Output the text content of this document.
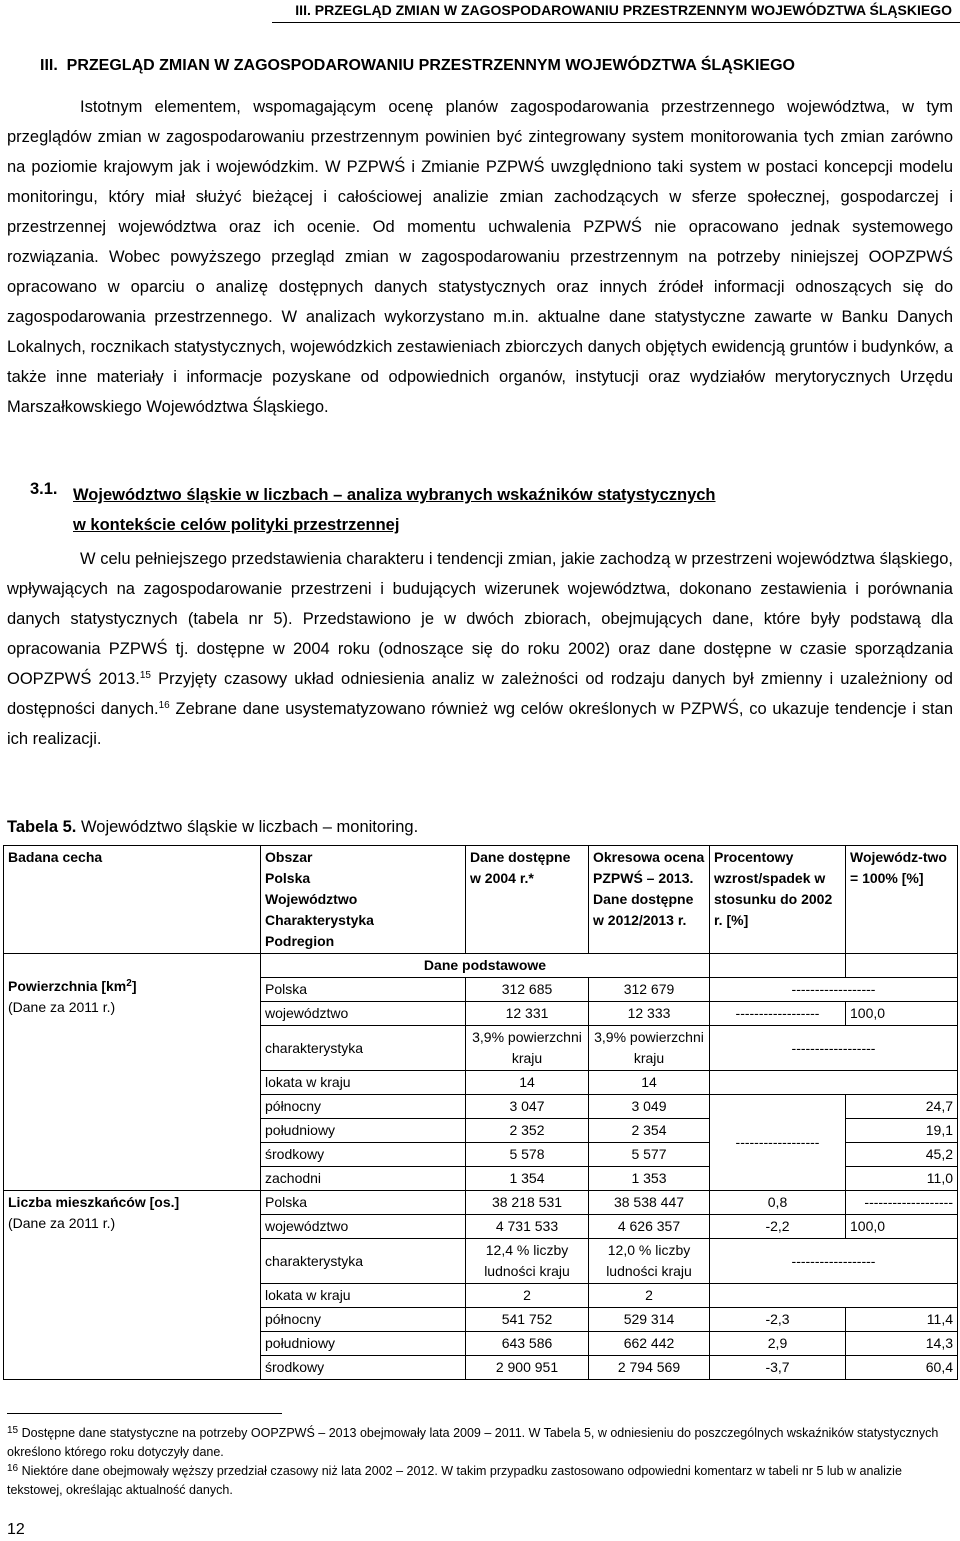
III. PRZEGLĄD ZMIAN W ZAGOSPODAROWANIU PRZESTRZENNYM WOJEWÓDZTWA ŚLĄSKIEGO
III.  PRZEGLĄD ZMIAN W ZAGOSPODAROWANIU PRZESTRZENNYM WOJEWÓDZTWA ŚLĄSKIEGO

Istotnym elementem, wspomagającym ocenę planów zagospodarowania przestrzennego województwa, w tym przeglądów zmian w zagospodarowaniu przestrzennym powinien być zintegrowany system monitorowania tych zmian zarówno na poziomie krajowym jak i wojewódzkim. W PZPWŚ i Zmianie PZPWŚ uwzględniono taki system w postaci koncepcji modelu monitoringu, który miał służyć bieżącej i całościowej analizie zmian zachodzących w sferze społecznej, gospodarczej i przestrzennej województwa oraz ich ocenie. Od momentu uchwalenia PZPWŚ nie opracowano jednak systemowego rozwiązania. Wobec powyższego przegląd zmian w zagospodarowaniu przestrzennym na potrzeby niniejszej OOPZPWŚ opracowano w oparciu o analizę dostępnych danych statystycznych oraz innych źródeł informacji odnoszących się do zagospodarowania przestrzennego. W analizach wykorzystano m.in. aktualne dane statystyczne zawarte w Banku Danych Lokalnych, rocznikach statystycznych, wojewódzkich zestawieniach zbiorczych danych objętych ewidencją gruntów i budynków, a także inne materiały i informacje pozyskane od odpowiednich organów, instytucji oraz wydziałów merytorycznych Urzędu Marszałkowskiego Województwa Śląskiego.

3.1. Województwo śląskie w liczbach – analiza wybranych wskaźników statystycznych
w kontekście celów polityki przestrzennej

W celu pełniejszego przedstawienia charakteru i tendencji zmian, jakie zachodzą w przestrzeni województwa śląskiego, wpływających na zagospodarowanie przestrzeni i budujących wizerunek województwa, dokonano zestawienia i porównania danych statystycznych (tabela nr 5). Przedstawiono je w dwóch zbiorach, obejmujących dane, które były podstawą dla opracowania PZPWŚ tj. dostępne w 2004 roku (odnoszące się do roku 2002) oraz dane dostępne w czasie sporządzania OOPZPWŚ 2013.15 Przyjęty czasowy układ odniesienia analiz w zależności od rodzaju danych był zmienny i uzależniony od dostępności danych.$^{16}$ Zebrane dane usystematyzowano również wg celów określonych w PZPWŚ, co ukazuje tendencje i stan ich realizacji.

Tabela 5. Województwo śląskie w liczbach – monitoring.
Badana cecha	Obszar
Polska
Województwo
Charakterystyka
Podregion	Dane dostępne w 2004 r.*	Okresowa ocena PZPWŚ – 2013. Dane dostępne w 2012/2013 r.	Procentowy wzrost/spadek w stosunku do 2002 r. [%]	Wojewódz-two = 100% [%]

Powierzchnia $[km^2]$
(Dane za 2011 r.)	Dane podstawowe				
	Polska	312 685	312 679	------------------	
	województwo	12 331	12 333	------------------	100,0
	charakterystyka	3,9% powierzchni kraju	3,9% powierzchni kraju	------------------	
	lokata w kraju	14	14		
	północny	3 047	3 049	------------------	24,7
	południowy	2 352	2 354		19,1
	środkowy	5 578	5 577		45,2
	zachodni	1 354	1 353		11,0
Liczba mieszkańców [os.]
(Dane za 2011 r.)	Polska	38 218 531	38 538 447	0,8	-------------------
	województwo	4 731 533	4 626 357	-2,2	100,0
	charakterystyka	12,4 % liczby ludności kraju	12,0 % liczby ludności kraju	------------------	
	lokata w kraju	2	2		
	północny	541 752	529 314	-2,3	11,4
	południowy	643 586	662 442	2,9	14,3
	środkowy	2 900 951	2 794 569	-3,7	60,4

$^{15}$ Dostępne dane statystyczne na potrzeby OOPZPWŚ – 2013 obejmowały lata 2009 – 2011. W Tabela 5, w odniesieniu do poszczególnych wskaźników statystycznych określono którego roku dotyczyły dane.

$^{16}$ Niektóre dane obejmowały węższy przedział czasowy niż lata 2002 – 2012. W takim przypadku zastosowano odpowiedni komentarz w tabeli nr 5 lub w analizie tekstowej, określając aktualność danych.

12
